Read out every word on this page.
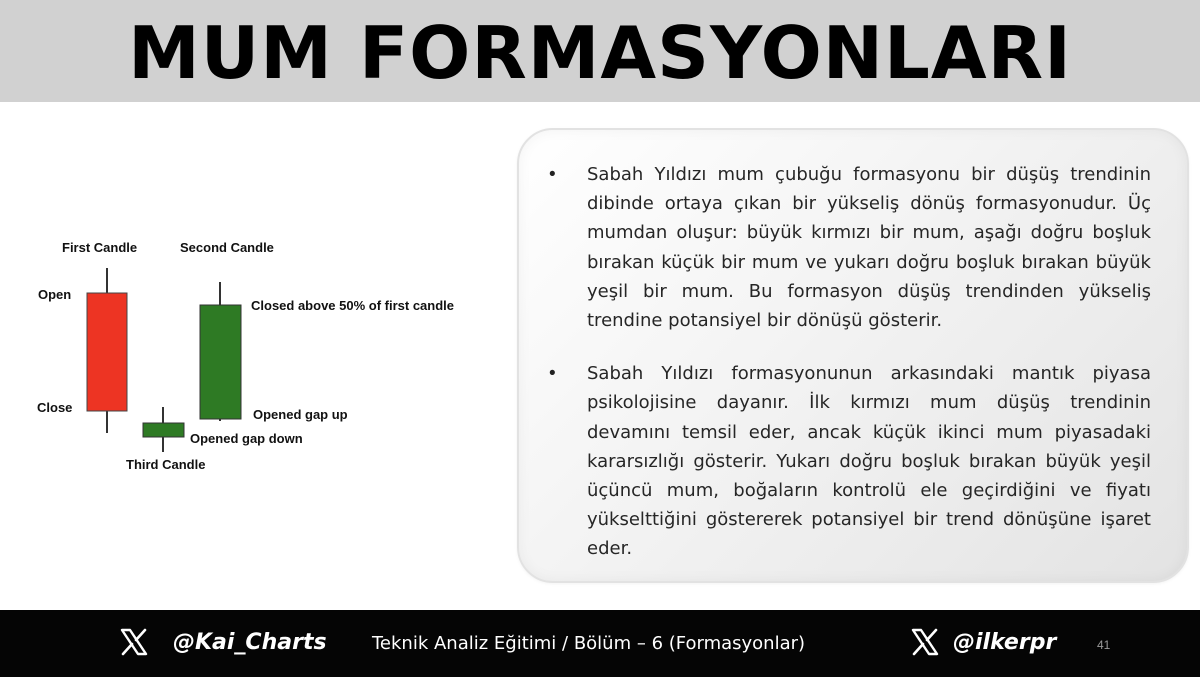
MUM FORMASYONLARI
First Candle	Second Candle
Open
Close
Closed above 50% of first candle
Opened gap up
Opened gap down
Third Candle
•	Sabah Yıldızı mum çubuğu formasyonu bir düşüş trendinin dibinde ortaya çıkan bir yükseliş dönüş formasyonudur. Üç mumdan oluşur: büyük kırmızı bir mum, aşağı doğru boşluk bırakan küçük bir mum ve yukarı doğru boşluk bırakan büyük yeşil bir mum. Bu formasyon düşüş trendinden yükseliş trendine potansiyel bir dönüşü gösterir.
•	Sabah Yıldızı formasyonunun arkasındaki mantık piyasa psikolojisine dayanır. İlk kırmızı mum düşüş trendinin devamını temsil eder, ancak küçük ikinci mum piyasadaki kararsızlığı gösterir. Yukarı doğru boşluk bırakan büyük yeşil üçüncü mum, boğaların kontrolü ele geçirdiğini ve fiyatı yükselttiğini göstererek potansiyel bir trend dönüşüne işaret eder.
@Kai_Charts	Teknik Analiz Eğitimi / Bölüm – 6 (Formasyonlar)	@ilkerpr	41
